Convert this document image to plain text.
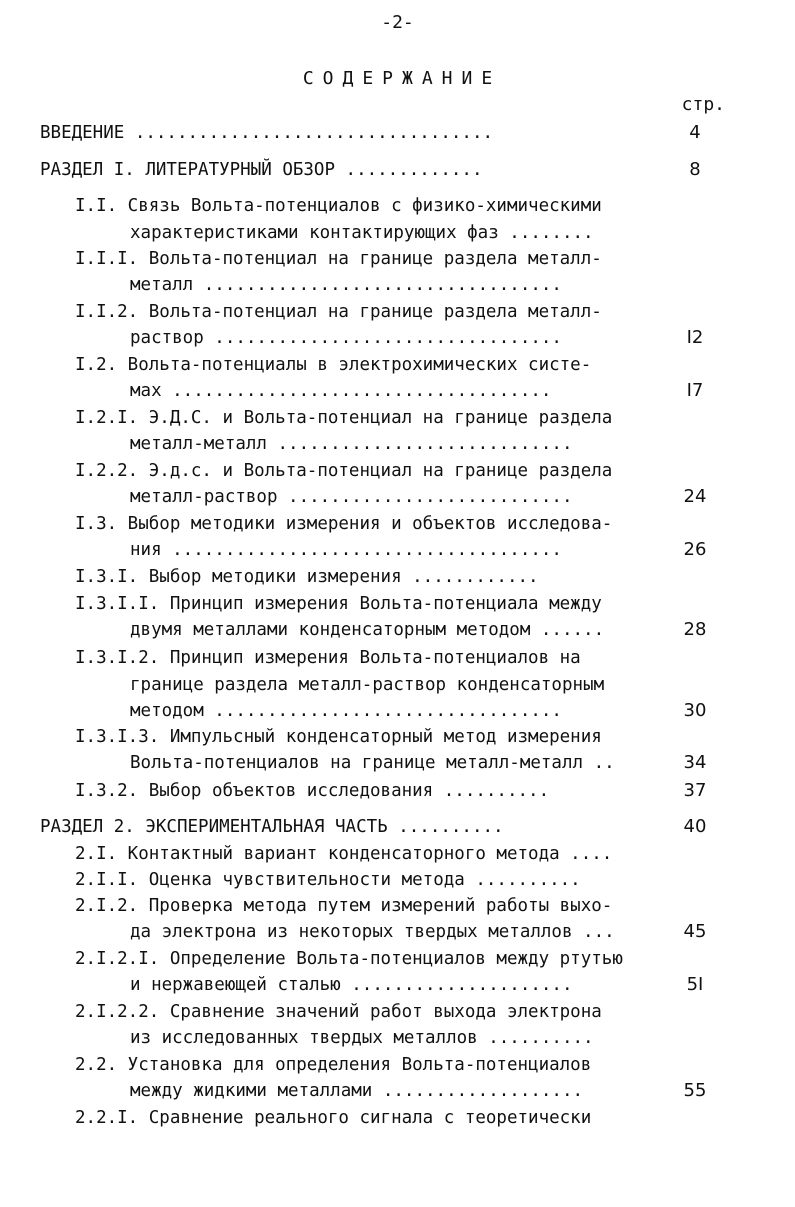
-2-
СОДЕРЖАНИЕ
стр.
ВВЕДЕНИЕ ..................................	4
РАЗДЕЛ I. ЛИТЕРАТУРНЫЙ ОБЗОР .............	8
I.I. Связь Вольта-потенциалов с физико-химическими
характеристиками контактирующих фаз ........
I.I.I. Вольта-потенциал на границе раздела металл-
металл ..................................
I.I.2. Вольта-потенциал на границе раздела металл-
раствор .................................	I2
I.2. Вольта-потенциалы в электрохимических систе-
мах ....................................	I7
I.2.I. Э.Д.С. и Вольта-потенциал на границе раздела
металл-металл ............................
I.2.2. Э.д.с. и Вольта-потенциал на границе раздела
металл-раствор ...........................	24
I.3. Выбор методики измерения и объектов исследова-
ния .....................................	26
I.3.I. Выбор методики измерения ............
I.3.I.I. Принцип измерения Вольта-потенциала между
двумя металлами конденсаторным методом ......	28
I.3.I.2. Принцип измерения Вольта-потенциалов на
границе раздела металл-раствор конденсаторным
методом .................................	30
I.3.I.3. Импульсный конденсаторный метод измерения
Вольта-потенциалов на границе металл-металл ..	34
I.3.2. Выбор объектов исследования ..........	37
РАЗДЕЛ 2. ЭКСПЕРИМЕНТАЛЬНАЯ ЧАСТЬ ..........	40
2.I. Контактный вариант конденсаторного метода ....
2.I.I. Оценка чувствительности метода ..........
2.I.2. Проверка метода путем измерений работы выхо-
да электрона из некоторых твердых металлов ...	45
2.I.2.I. Определение Вольта-потенциалов между ртутью
и нержавеющей сталью .....................	5I
2.I.2.2. Сравнение значений работ выхода электрона
из исследованных твердых металлов ..........
2.2. Установка для определения Вольта-потенциалов
между жидкими металлами ...................	55
2.2.I. Сравнение реального сигнала с теоретически
